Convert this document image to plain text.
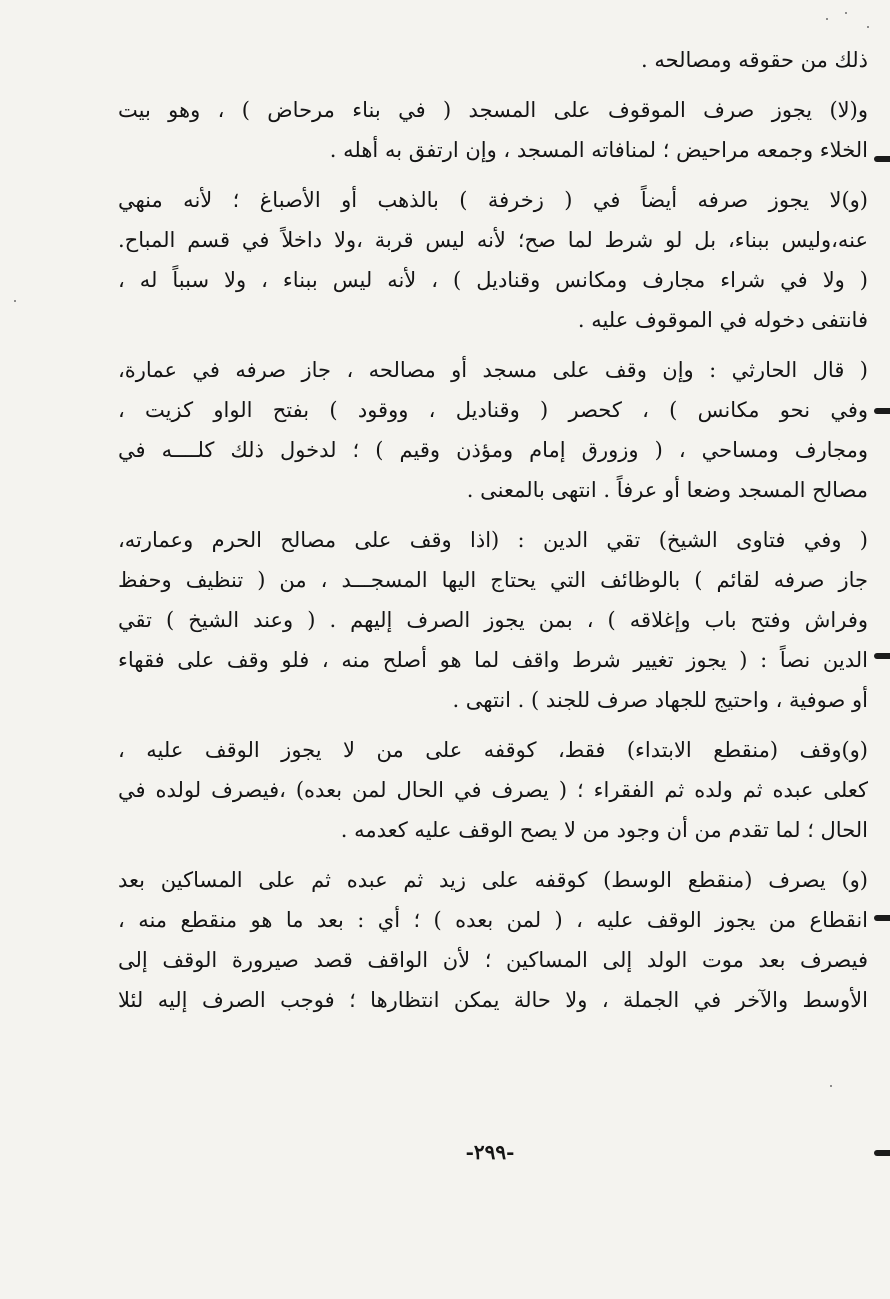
ذلك من حقوقه ومصالحه .
و(لا) يجوز صرف الموقوف على المسجد ( في بناء مرحاض ) ، وهو بيت
الخلاء وجمعه مراحيض ؛ لمنافاته المسجد ، وإن ارتفق به أهله .
(و)لا يجوز صرفه أيضاً في ( زخرفة ) بالذهب أو الأصباغ ؛ لأنه منهي
عنه،وليس ببناء، بل لو شرط لما صح؛ لأنه ليس قربة ،ولا داخلاً في قسم المباح.
( ولا في شراء مجارف ومكانس وقناديل ) ، لأنه ليس ببناء ، ولا سبباً له ،
فانتفى دخوله في الموقوف عليه .
( قال الحارثي : وإن وقف على مسجد أو مصالحه ، جاز صرفه في عمارة،
وفي نحو مكانس ) ، كحصر ( وقناديل ، ووقود ) بفتح الواو كزيت ،
ومجارف ومساحي ، ( وزورق إمام ومؤذن وقيم ) ؛ لدخول ذلك كلــــه في
مصالح المسجد وضعا أو عرفاً . انتهى بالمعنى .
( وفي فتاوى الشيخ) تقي الدين : (اذا وقف على مصالح الحرم وعمارته،
جاز صرفه لقائم ) بالوظائف التي يحتاج اليها المسجـــد ، من ( تنظيف وحفظ
وفراش وفتح باب وإغلاقه ) ، بمن يجوز الصرف إليهم . ( وعند الشيخ ) تقي
الدين نصاً : ( يجوز تغيير شرط واقف لما هو أصلح منه ، فلو وقف على فقهاء
أو صوفية ، واحتيج للجهاد صرف للجند ) . انتهى .
(و)وقف (منقطع الابتداء) فقط، كوقفه على من لا يجوز الوقف عليه ،
كعلى عبده ثم ولده ثم الفقراء ؛ ( يصرف في الحال لمن بعده) ،فيصرف لولده في
الحال ؛ لما تقدم من أن وجود من لا يصح الوقف عليه كعدمه .
(و) يصرف (منقطع الوسط) كوقفه على زيد ثم عبده ثم على المساكين بعد
انقطاع من يجوز الوقف عليه ، ( لمن بعده ) ؛ أي : بعد ما هو منقطع منه ،
فيصرف بعد موت الولد إلى المساكين ؛ لأن الواقف قصد صيرورة الوقف إلى
الأوسط والآخر في الجملة ، ولا حالة يمكن انتظارها ؛ فوجب الصرف إليه لئلا
-٢٩٩-
